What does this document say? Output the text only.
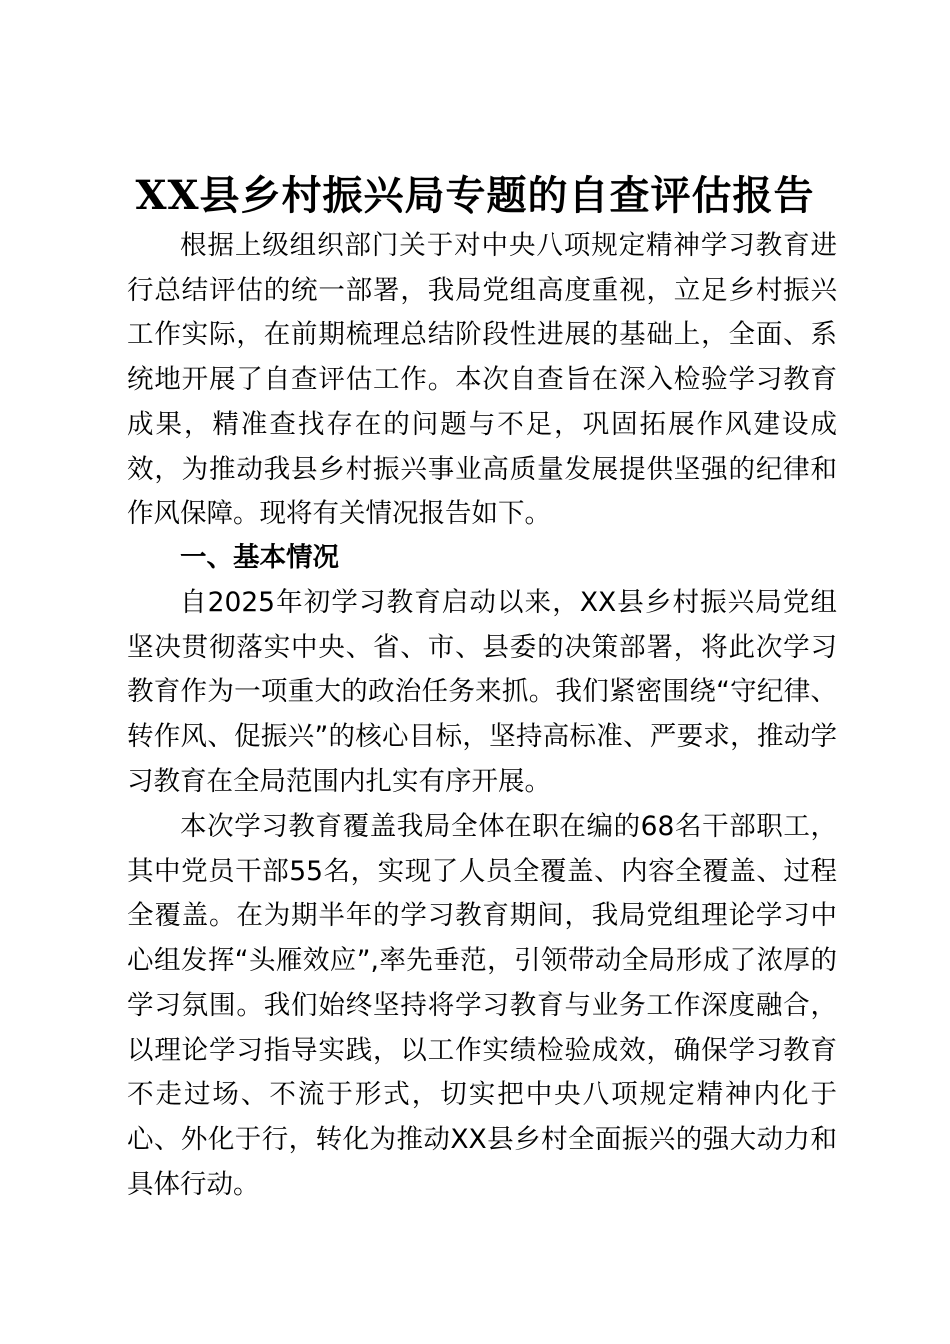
XX县乡村振兴局专题的自查评估报告

根据上级组织部门关于对中央八项规定精神学习教育进行总结评估的统一部署，我局党组高度重视，立足乡村振兴工作实际，在前期梳理总结阶段性进展的基础上，全面、系统地开展了自查评估工作。本次自查旨在深入检验学习教育成果，精准查找存在的问题与不足，巩固拓展作风建设成效，为推动我县乡村振兴事业高质量发展提供坚强的纪律和作风保障。现将有关情况报告如下。

一、基本情况

自2025年初学习教育启动以来，XX县乡村振兴局党组坚决贯彻落实中央、省、市、县委的决策部署，将此次学习教育作为一项重大的政治任务来抓。我们紧密围绕“守纪律、转作风、促振兴”的核心目标，坚持高标准、严要求，推动学习教育在全局范围内扎实有序开展。

本次学习教育覆盖我局全体在职在编的68名干部职工，其中党员干部55名，实现了人员全覆盖、内容全覆盖、过程全覆盖。在为期半年的学习教育期间，我局党组理论学习中心组发挥“头雁效应”,率先垂范，引领带动全局形成了浓厚的学习氛围。我们始终坚持将学习教育与业务工作深度融合，以理论学习指导实践，以工作实绩检验成效，确保学习教育不走过场、不流于形式，切实把中央八项规定精神内化于心、外化于行，转化为推动XX县乡村全面振兴的强大动力和具体行动。
